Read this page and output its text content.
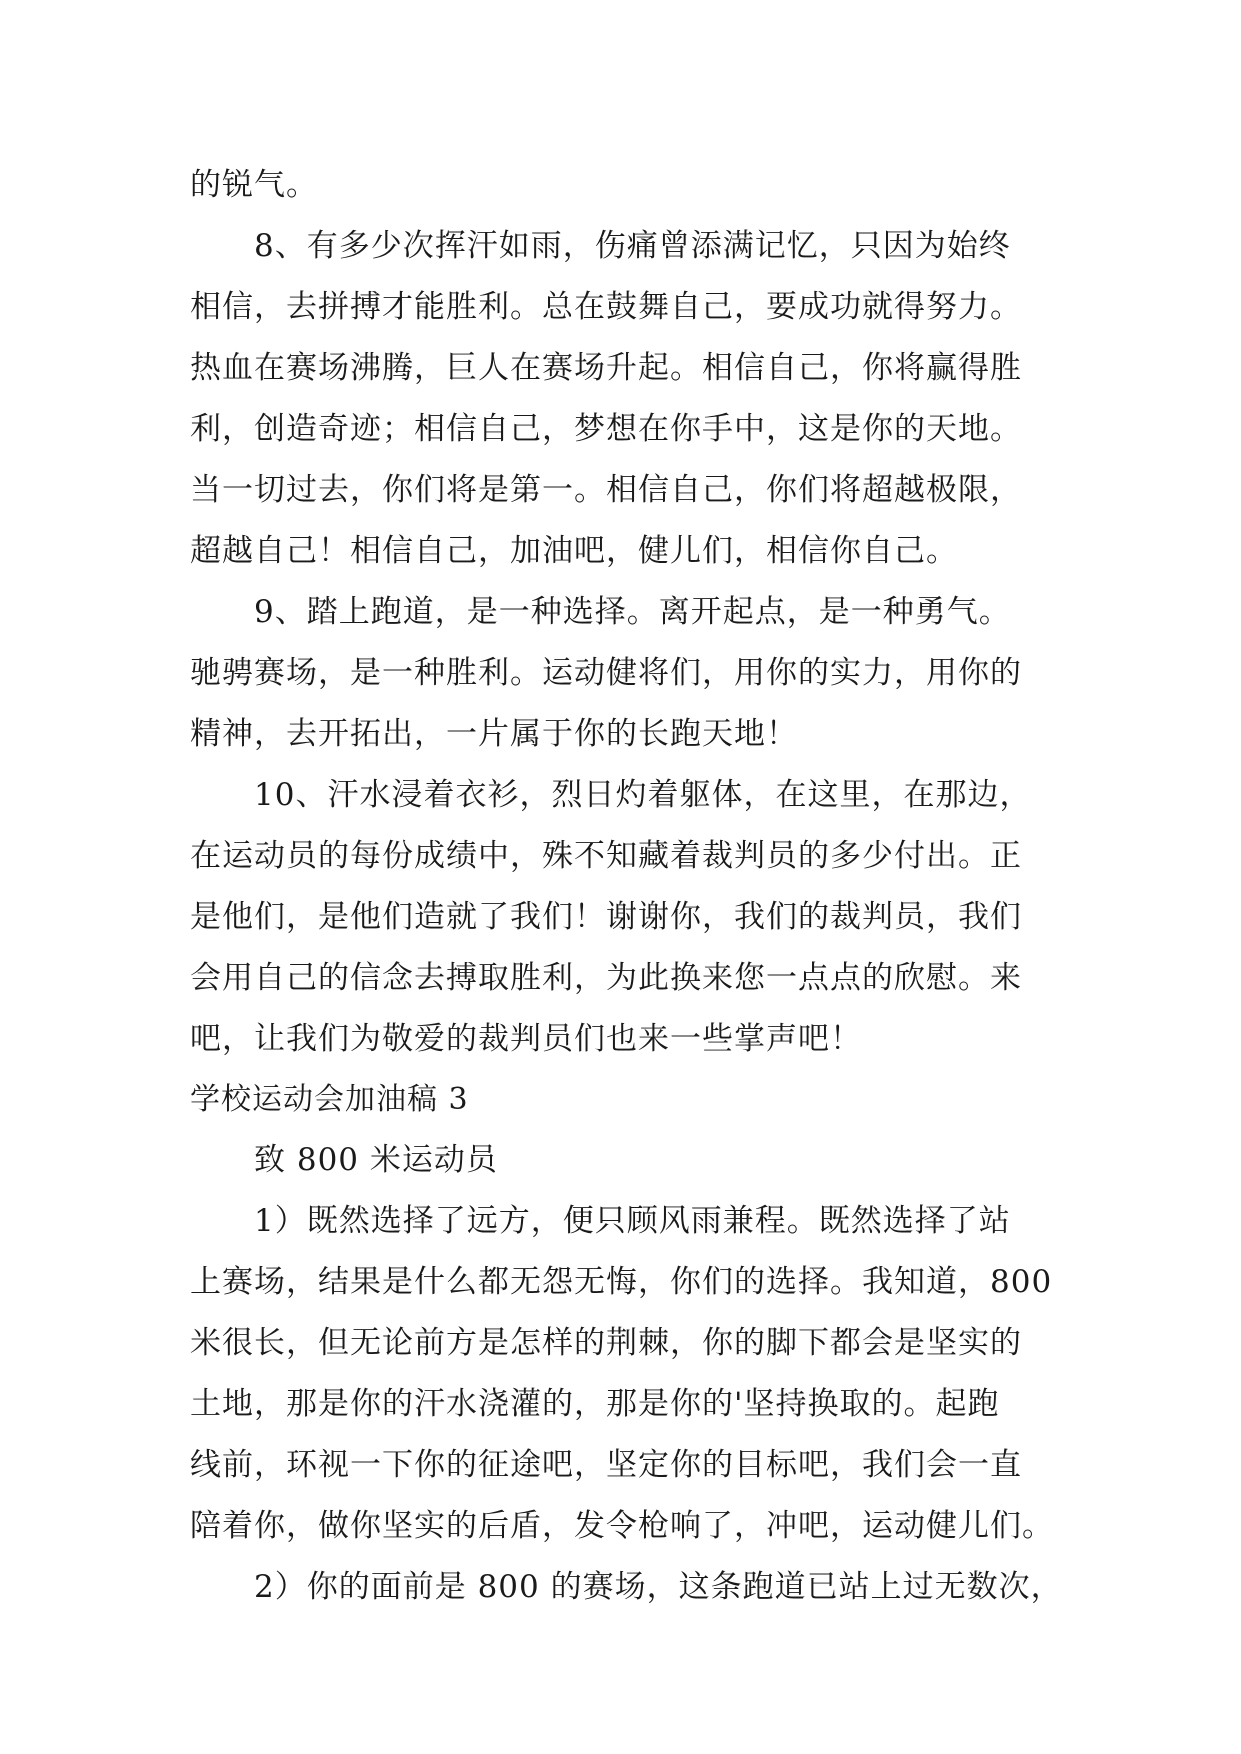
的锐气。
8、有多少次挥汗如雨，伤痛曾添满记忆，只因为始终
相信，去拼搏才能胜利。总在鼓舞自己，要成功就得努力。
热血在赛场沸腾，巨人在赛场升起。相信自己，你将赢得胜
利，创造奇迹；相信自己，梦想在你手中，这是你的天地。
当一切过去，你们将是第一。相信自己，你们将超越极限，
超越自己！相信自己，加油吧，健儿们，相信你自己。
9、踏上跑道，是一种选择。离开起点，是一种勇气。
驰骋赛场，是一种胜利。运动健将们，用你的实力，用你的
精神，去开拓出，一片属于你的长跑天地！
10、汗水浸着衣衫，烈日灼着躯体，在这里，在那边，
在运动员的每份成绩中，殊不知藏着裁判员的多少付出。正
是他们，是他们造就了我们！谢谢你，我们的裁判员，我们
会用自己的信念去搏取胜利，为此换来您一点点的欣慰。来
吧，让我们为敬爱的裁判员们也来一些掌声吧！
学校运动会加油稿 3
致 800 米运动员
1）既然选择了远方，便只顾风雨兼程。既然选择了站
上赛场，结果是什么都无怨无悔，你们的选择。我知道，800
米很长，但无论前方是怎样的荆棘，你的脚下都会是坚实的
土地，那是你的汗水浇灌的，那是你的'坚持换取的。起跑
线前，环视一下你的征途吧，坚定你的目标吧，我们会一直
陪着你，做你坚实的后盾，发令枪响了，冲吧，运动健儿们。
2）你的面前是 800 的赛场，这条跑道已站上过无数次，
